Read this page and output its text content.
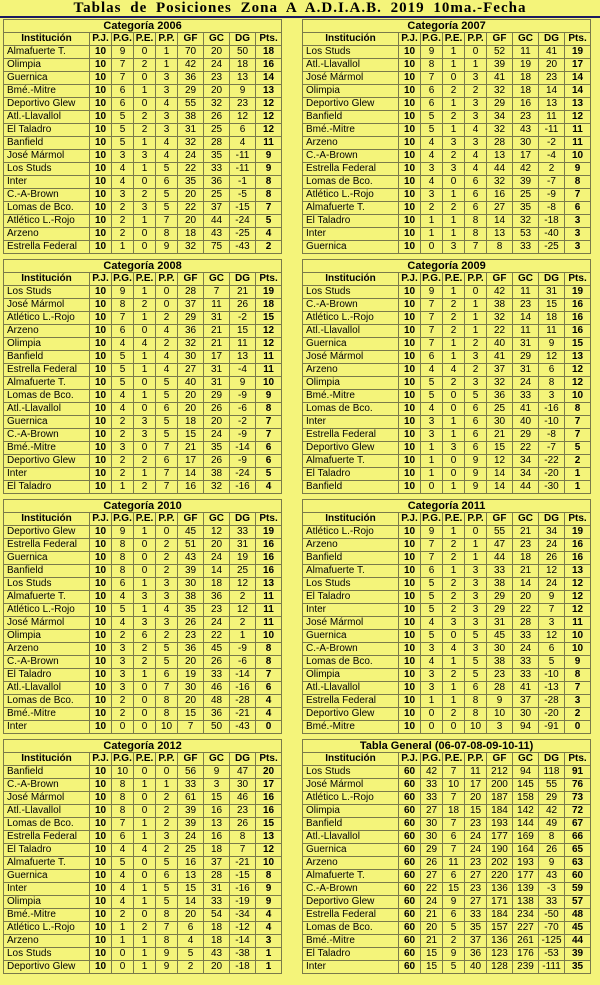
Tablas de Posiciones Zona A A.D.I.A.B. 2019 10ma.-Fecha
Categoría 2006								
Institución	P.J.	P.G.	P.E.	P.P.	GF	GC	DG	Pts.
Almafuerte T.	10	9	0	1	70	20	50	18
Olimpia	10	7	2	1	42	24	18	16
Guernica	10	7	0	3	36	23	13	14
Bmé.-Mitre	10	6	1	3	29	20	9	13
Deportivo Glew	10	6	0	4	55	32	23	12
Atl.-Llavallol	10	5	2	3	38	26	12	12
El Taladro	10	5	2	3	31	25	6	12
Banfield	10	5	1	4	32	28	4	11
José Mármol	10	3	3	4	24	35	-11	9
Los Studs	10	4	1	5	22	33	-11	9
Inter	10	4	0	6	35	36	-1	8
C.-A-Brown	10	3	2	5	20	25	-5	8
Lomas de Bco.	10	2	3	5	22	37	-15	7
Atlético L.-Rojo	10	2	1	7	20	44	-24	5
Arzeno	10	2	0	8	18	43	-25	4
Estrella Federal	10	1	0	9	32	75	-43	2
Categoría 2007								
Institución	P.J.	P.G.	P.E.	P.P.	GF	GC	DG	Pts.
Los Studs	10	9	1	0	52	11	41	19
Atl.-Llavallol	10	8	1	1	39	19	20	17
José Mármol	10	7	0	3	41	18	23	14
Olimpia	10	6	2	2	32	18	14	14
Deportivo Glew	10	6	1	3	29	16	13	13
Banfield	10	5	2	3	34	23	11	12
Bmé.-Mitre	10	5	1	4	32	43	-11	11
Arzeno	10	4	3	3	28	30	-2	11
C.-A-Brown	10	4	2	4	13	17	-4	10
Estrella Federal	10	3	3	4	44	42	2	9
Lomas de Bco.	10	4	0	6	32	39	-7	8
Atlético L.-Rojo	10	3	1	6	16	25	-9	7
Almafuerte T.	10	2	2	6	27	35	-8	6
El Taladro	10	1	1	8	14	32	-18	3
Inter	10	1	1	8	13	53	-40	3
Guernica	10	0	3	7	8	33	-25	3
Categoría 2008								
Institución	P.J.	P.G.	P.E.	P.P.	GF	GC	DG	Pts.
Los Studs	10	9	1	0	28	7	21	19
José Mármol	10	8	2	0	37	11	26	18
Atlético L.-Rojo	10	7	1	2	29	31	-2	15
Arzeno	10	6	0	4	36	21	15	12
Olimpia	10	4	4	2	32	21	11	12
Banfield	10	5	1	4	30	17	13	11
Estrella Federal	10	5	1	4	27	31	-4	11
Almafuerte T.	10	5	0	5	40	31	9	10
Lomas de Bco.	10	4	1	5	20	29	-9	9
Atl.-Llavallol	10	4	0	6	20	26	-6	8
Guernica	10	2	3	5	18	20	-2	7
C.-A-Brown	10	2	3	5	15	24	-9	7
Bmé.-Mitre	10	3	0	7	21	35	-14	6
Deportivo Glew	10	2	2	6	17	26	-9	6
Inter	10	2	1	7	14	38	-24	5
El Taladro	10	1	2	7	16	32	-16	4
Categoría 2009								
Institución	P.J.	P.G.	P.E.	P.P.	GF	GC	DG	Pts.
Los Studs	10	9	1	0	42	11	31	19
C.-A-Brown	10	7	2	1	38	23	15	16
Atlético L.-Rojo	10	7	2	1	32	14	18	16
Atl.-Llavallol	10	7	2	1	22	11	11	16
Guernica	10	7	1	2	40	31	9	15
José Mármol	10	6	1	3	41	29	12	13
Arzeno	10	4	4	2	37	31	6	12
Olimpia	10	5	2	3	32	24	8	12
Bmé.-Mitre	10	5	0	5	36	33	3	10
Lomas de Bco.	10	4	0	6	25	41	-16	8
Inter	10	3	1	6	30	40	-10	7
Estrella Federal	10	3	1	6	21	29	-8	7
Deportivo Glew	10	1	3	6	15	22	-7	5
Almafuerte T.	10	1	0	9	12	34	-22	2
El Taladro	10	1	0	9	14	34	-20	1
Banfield	10	0	1	9	14	44	-30	1
Categoría 2010								
Institución	P.J.	P.G.	P.E.	P.P.	GF	GC	DG	Pts.
Deportivo Glew	10	9	1	0	45	12	33	19
Estrella Federal	10	8	0	2	51	20	31	16
Guernica	10	8	0	2	43	24	19	16
Banfield	10	8	0	2	39	14	25	16
Los Studs	10	6	1	3	30	18	12	13
Almafuerte T.	10	4	3	3	38	36	2	11
Atlético L.-Rojo	10	5	1	4	35	23	12	11
José Mármol	10	4	3	3	26	24	2	11
Olimpia	10	2	6	2	23	22	1	10
Arzeno	10	3	2	5	36	45	-9	8
C.-A-Brown	10	3	2	5	20	26	-6	8
El Taladro	10	3	1	6	19	33	-14	7
Atl.-Llavallol	10	3	0	7	30	46	-16	6
Lomas de Bco.	10	2	0	8	20	48	-28	4
Bmé.-Mitre	10	2	0	8	15	36	-21	4
Inter	10	0	0	10	7	50	-43	0
Categoría 2011								
Institución	P.J.	P.G.	P.E.	P.P.	GF	GC	DG	Pts.
Atlético L.-Rojo	10	9	1	0	55	21	34	19
Arzeno	10	7	2	1	47	23	24	16
Banfield	10	7	2	1	44	18	26	16
Almafuerte T.	10	6	1	3	33	21	12	13
Los Studs	10	5	2	3	38	14	24	12
El Taladro	10	5	2	3	29	20	9	12
Inter	10	5	2	3	29	22	7	12
José Mármol	10	4	3	3	31	28	3	11
Guernica	10	5	0	5	45	33	12	10
C.-A-Brown	10	3	4	3	30	24	6	10
Lomas de Bco.	10	4	1	5	38	33	5	9
Olimpia	10	3	2	5	23	33	-10	8
Atl.-Llavallol	10	3	1	6	28	41	-13	7
Estrella Federal	10	1	1	8	9	37	-28	3
Deportivo Glew	10	0	2	8	10	30	-20	2
Bmé.-Mitre	10	0	0	10	3	94	-91	0
Categoría 2012								
Institución	P.J.	P.G.	P.E.	P.P.	GF	GC	DG	Pts.
Banfield	10	10	0	0	56	9	47	20
C.-A-Brown	10	8	1	1	33	3	30	17
José Mármol	10	8	0	2	61	15	46	16
Atl.-Llavallol	10	8	0	2	39	16	23	16
Lomas de Bco.	10	7	1	2	39	13	26	15
Estrella Federal	10	6	1	3	24	16	8	13
El Taladro	10	4	4	2	25	18	7	12
Almafuerte T.	10	5	0	5	16	37	-21	10
Guernica	10	4	0	6	13	28	-15	8
Inter	10	4	1	5	15	31	-16	9
Olimpia	10	4	1	5	14	33	-19	9
Bmé.-Mitre	10	2	0	8	20	54	-34	4
Atlético L.-Rojo	10	1	2	7	6	18	-12	4
Arzeno	10	1	1	8	4	18	-14	3
Los Studs	10	0	1	9	5	43	-38	1
Deportivo Glew	10	0	1	9	2	20	-18	1
Tabla General (06-07-08-09-10-11)								
Institución	P.J.	P.G.	P.E.	P.P.	GF	GC	DG	Pts.
Los Studs	60	42	7	11	212	94	118	91
José Mármol	60	33	10	17	200	145	55	76
Atlético L.-Rojo	60	33	7	20	187	158	29	73
Olimpia	60	27	18	15	184	142	42	72
Banfield	60	30	7	23	193	144	49	67
Atl.-Llavallol	60	30	6	24	177	169	8	66
Guernica	60	29	7	24	190	164	26	65
Arzeno	60	26	11	23	202	193	9	63
Almafuerte T.	60	27	6	27	220	177	43	60
C.-A-Brown	60	22	15	23	136	139	-3	59
Deportivo Glew	60	24	9	27	171	138	33	57
Estrella Federal	60	21	6	33	184	234	-50	48
Lomas de Bco.	60	20	5	35	157	227	-70	45
Bmé.-Mitre	60	21	2	37	136	261	-125	44
El Taladro	60	15	9	36	123	176	-53	39
Inter	60	15	5	40	128	239	-111	35
